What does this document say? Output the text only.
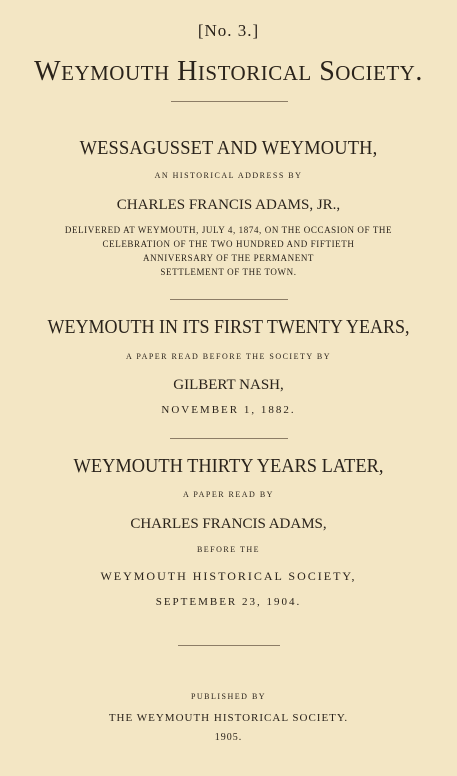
[No. 3.]
WEYMOUTH HISTORICAL SOCIETY.
WESSAGUSSET AND WEYMOUTH,
AN HISTORICAL ADDRESS BY
CHARLES FRANCIS ADAMS, JR.,
DELIVERED AT WEYMOUTH, JULY 4, 1874, ON THE OCCASION OF THE
CELEBRATION OF THE TWO HUNDRED AND FIFTIETH
ANNIVERSARY OF THE PERMANENT
SETTLEMENT OF THE TOWN.
WEYMOUTH IN ITS FIRST TWENTY YEARS,
A PAPER READ BEFORE THE SOCIETY BY
GILBERT NASH,
NOVEMBER 1, 1882.
WEYMOUTH THIRTY YEARS LATER,
A PAPER READ BY
CHARLES FRANCIS ADAMS,
BEFORE THE
WEYMOUTH HISTORICAL SOCIETY,
SEPTEMBER 23, 1904.
PUBLISHED BY
THE WEYMOUTH HISTORICAL SOCIETY.
1905.
